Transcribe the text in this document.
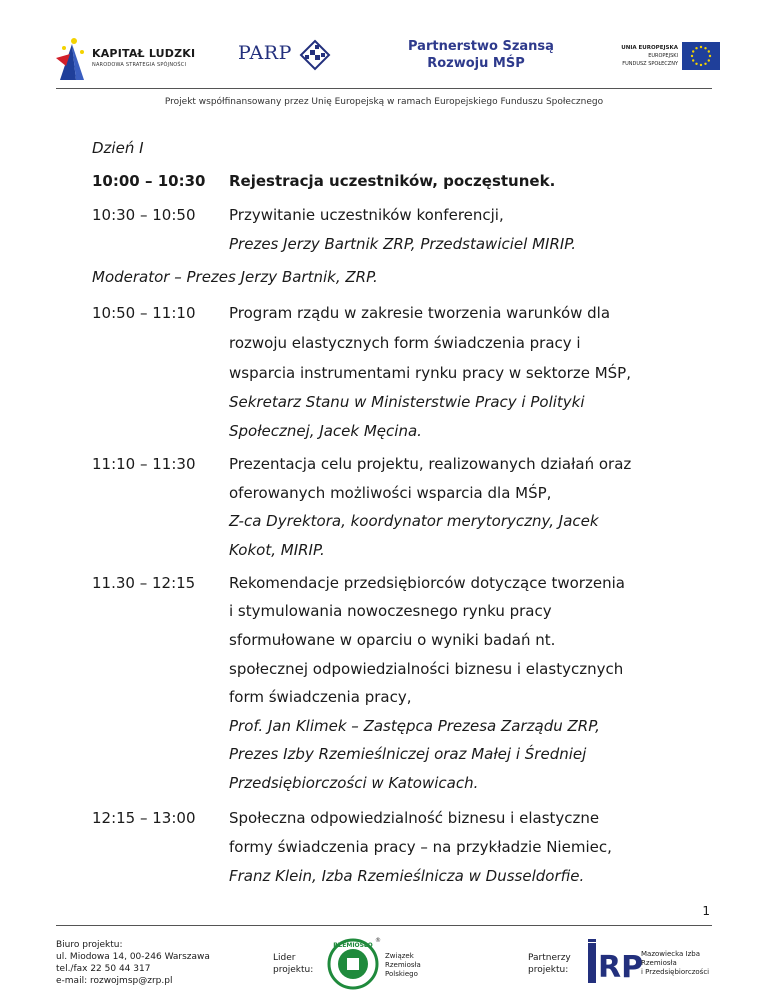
KAPITAŁ LUDZKI
NARODOWA STRATEGIA SPÓJNOŚCI
PARP	Partnerstwo Szansą
Rozwoju MŚP
UNIA EUROPEJSKA
EUROPEJSKI
FUNDUSZ SPOŁECZNY
Projekt współfinansowany przez Unię Europejską w ramach Europejskiego Funduszu Społecznego
Dzień I
10:00 – 10:30 Rejestracja uczestników, poczęstunek.
10:30 – 10:50 Przywitanie uczestników konferencji,
Prezes Jerzy Bartnik ZRP, Przedstawiciel MIRIP.
Moderator – Prezes Jerzy Bartnik, ZRP.
10:50 – 11:10 Program rządu w zakresie tworzenia warunków dla
rozwoju elastycznych form świadczenia pracy i
wsparcia instrumentami rynku pracy w sektorze MŚP,
Sekretarz Stanu w Ministerstwie Pracy i Polityki
Społecznej, Jacek Męcina.
11:10 – 11:30 Prezentacja celu projektu, realizowanych działań oraz
oferowanych możliwości wsparcia dla MŚP,
Z-ca Dyrektora, koordynator merytoryczny, Jacek
Kokot, MIRIP.
11.30 – 12:15 Rekomendacje przedsiębiorców dotyczące tworzenia
i stymulowania nowoczesnego rynku pracy
sformułowane w oparciu o wyniki badań nt.
społecznej odpowiedzialności biznesu i elastycznych
form świadczenia pracy,
Prof. Jan Klimek – Zastępca Prezesa Zarządu ZRP,
Prezes Izby Rzemieślniczej oraz Małej i Średniej
Przedsiębiorczości w Katowicach.
12:15 – 13:00 Społeczna odpowiedzialność biznesu i elastyczne
formy świadczenia pracy – na przykładzie Niemiec,
Franz Klein, Izba Rzemieślnicza w Dusseldorfie.
1
Biuro projektu:
ul. Miodowa 14, 00-246 Warszawa
tel./fax 22 50 44 317
e-mail: rozwojmsp@zrp.pl
Lider
projektu:
RZEMIOSŁO
®
Związek
Rzemiosła
Polskiego
Partnerzy
projektu: RP
Mazowiecka Izba
Rzemiosła
i Przedsiębiorczości
